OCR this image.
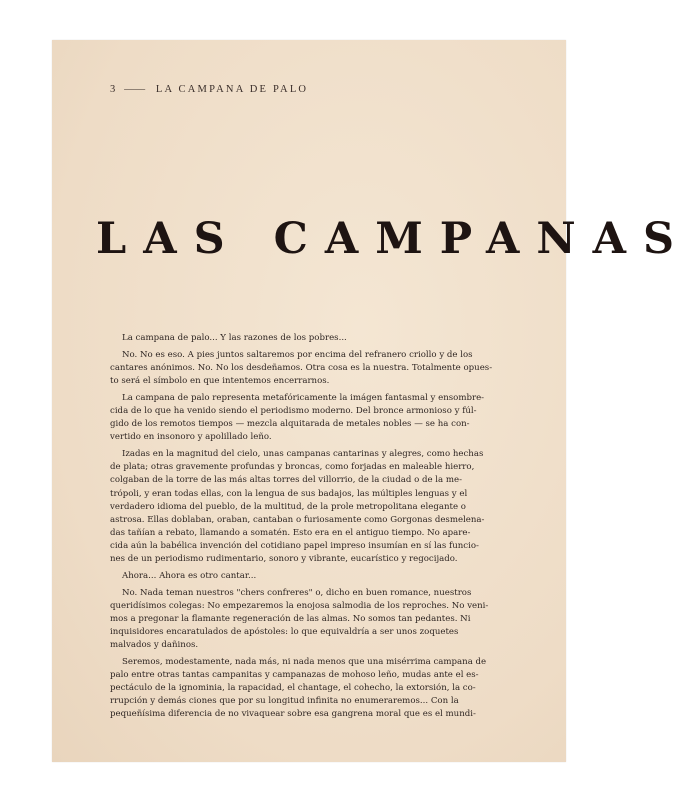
3 —— LA CAMPANA DE PALO
LAS CAMPANAS

La campana de palo... Y las razones de los pobres...

No. No es eso. A pies juntos saltaremos por encima del refranero criollo y de los
cantares anónimos. No. No los desdeñamos. Otra cosa es la nuestra. Totalmente opues-
to será el símbolo en que intentemos encerrarnos.

La campana de palo representa metafóricamente la imágen fantasmal y ensombre-
cida de lo que ha venido siendo el periodismo moderno. Del bronce armonioso y fúl-
gido de los remotos tiempos — mezcla alquitarada de metales nobles — se ha con-
vertido en insonoro y apolillado leño.

Izadas en la magnitud del cielo, unas campanas cantarinas y alegres, como hechas
de plata; otras gravemente profundas y broncas, como forjadas en maleable hierro,
colgaban de la torre de las más altas torres del villorrio, de la ciudad o de la me-
trópoli, y eran todas ellas, con la lengua de sus badajos, las múltiples lenguas y el
verdadero idioma del pueblo, de la multitud, de la prole metropolitana elegante o
astrosa. Ellas doblaban, oraban, cantaban o furiosamente como Gorgonas desmelena-
das tañían a rebato, llamando a somatén. Esto era en el antiguo tiempo. No apare-
cida aún la babélica invención del cotidiano papel impreso insumían en sí las funcio-
nes de un periodismo rudimentario, sonoro y vibrante, eucarístico y regocijado.

Ahora... Ahora es otro cantar...

No. Nada teman nuestros "chers confreres" o, dicho en buen romance, nuestros
queridísimos colegas: No empezaremos la enojosa salmodia de los reproches. No veni-
mos a pregonar la flamante regeneración de las almas. No somos tan pedantes. Ni
inquisidores encaratulados de apóstoles: lo que equivaldría a ser unos zoquetes
malvados y dañinos.

Seremos, modestamente, nada más, ni nada menos que una misérrima campana de
palo entre otras tantas campanitas y campanazas de mohoso leño, mudas ante el es-
pectáculo de la ignominia, la rapacidad, el chantage, el cohecho, la extorsión, la co-
rrupción y demás ciones que por su longitud infinita no enumeraremos... Con la
pequeñísima diferencia de no vivaquear sobre esa gangrena moral que es el mundi-
